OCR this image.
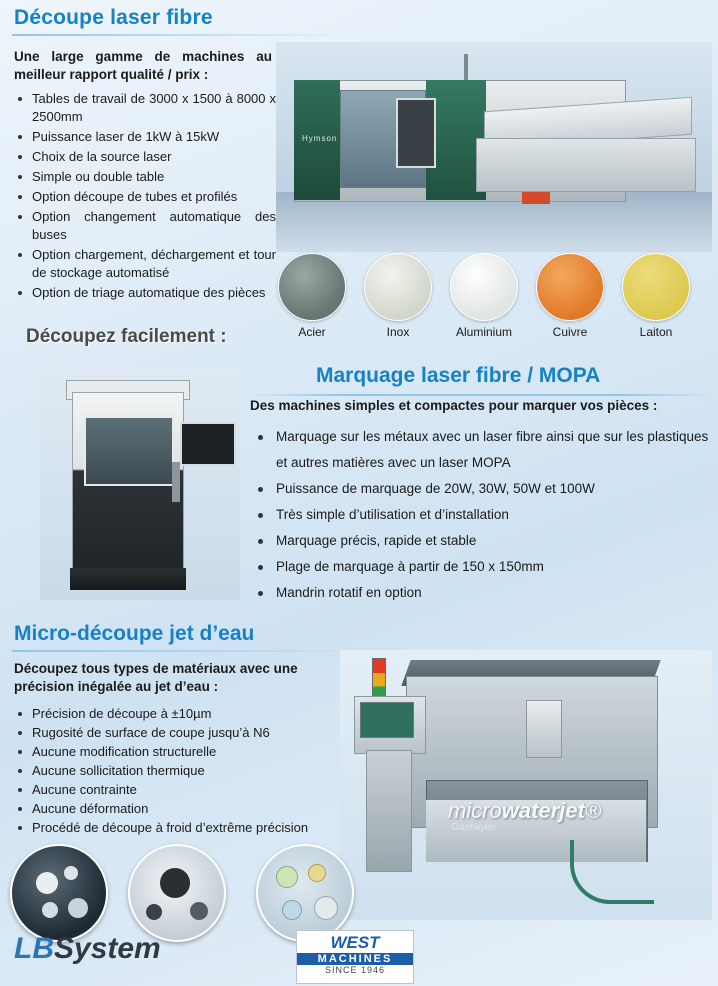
Découpe laser fibre
Une large gamme de machines au meilleur rapport qualité / prix :
Tables de travail de 3000 x 1500 à 8000 x 2500mm
Puissance laser de 1kW à 15kW
Choix de la source laser
Simple ou double table
Option découpe de tubes et profilés
Option changement automatique des buses
Option chargement, déchargement et tour de stockage automatisé
Option de triage automatique des pièces
Hymson
Acier	Inox	Aluminium	Cuivre	Laiton
Découpez facilement :
Marquage laser fibre / MOPA
Des machines simples et compactes pour marquer vos pièces :
Marquage sur les métaux avec un laser fibre ainsi que sur les plastiques et autres matières avec un laser MOPA
Puissance de marquage de 20W, 30W, 50W et 100W
Très simple d’utilisation et d’installation
Marquage précis, rapide et stable
Plage de marquage à partir de 150 x 150mm
Mandrin rotatif en option
Micro-découpe jet d’eau
Découpez tous types de matériaux avec une précision inégalée au jet d’eau :
Précision de découpe à ±10µm
Rugosité de surface de coupe jusqu’à N6
Aucune modification structurelle
Aucune sollicitation thermique
Aucune contrainte
Aucune déformation
Procédé de découpe à froid d’extrême précision
microwaterjet®
Daetwyler
LBSystem	WEST
MACHINES
SINCE 1946
